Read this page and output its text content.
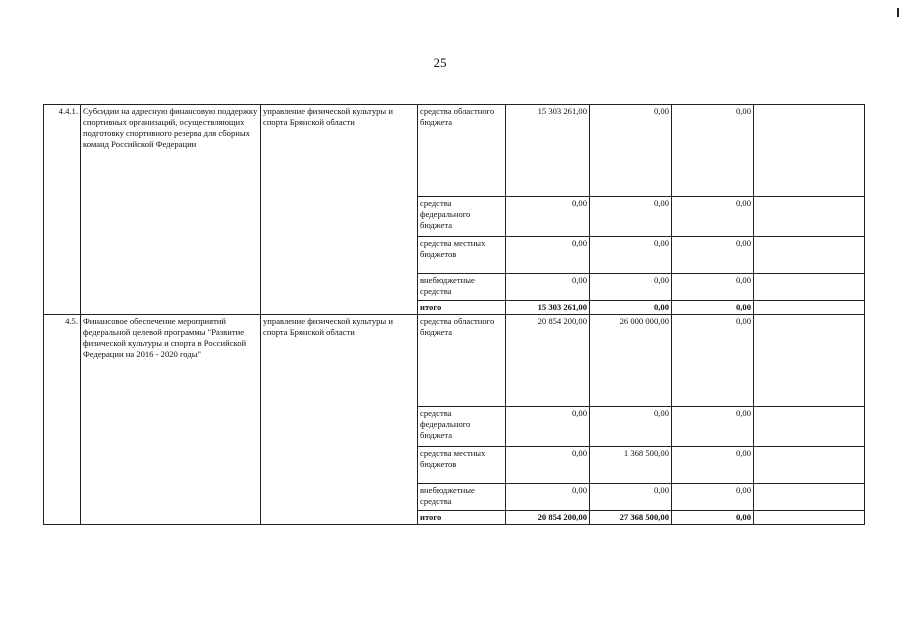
25
4.4.1.	Субсидии на адресную финансовую поддержку спортивных организаций, осуществляющих подготовку спортивного резерва для сборных команд Российской Федерации	управление физической культуры и спорта Брянской области	средства областного бюджета	15 303 261,00	0,00	0,00	
			средства федерального бюджета	0,00	0,00	0,00	
			средства местных бюджетов	0,00	0,00	0,00	
			внебюджетные средства	0,00	0,00	0,00	
			итого	15 303 261,00	0,00	0,00	
4.5.	Финансовое обеспечение мероприятий федеральной целевой программы "Развитие физической культуры и спорта в Российской Федерации на 2016 - 2020 годы"	управление физической культуры и спорта Брянской области	средства областного бюджета	20 854 200,00	26 000 000,00	0,00	
			средства федерального бюджета	0,00	0,00	0,00	
			средства местных бюджетов	0,00	1 368 500,00	0,00	
			внебюджетные средства	0,00	0,00	0,00	
			итого	20 854 200,00	27 368 500,00	0,00	
